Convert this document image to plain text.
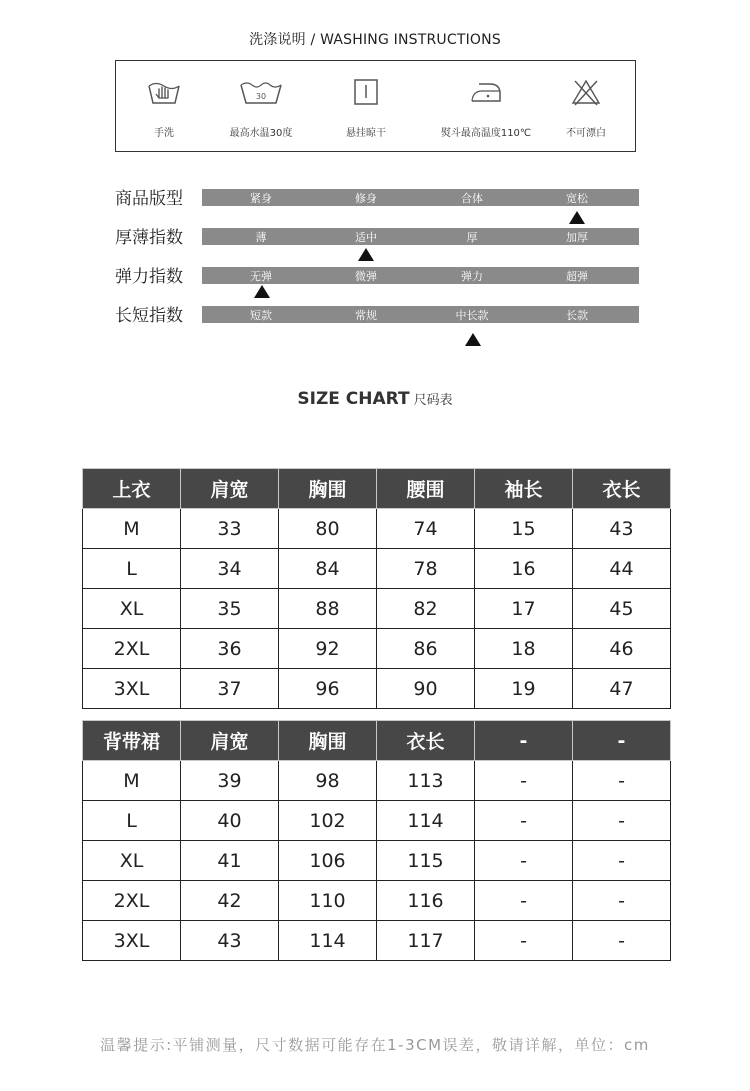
洗涤说明 / WASHING INSTRUCTIONS
手洗
30
最高水温30度	悬挂晾干	熨斗最高温度110℃	不可漂白
商品版型	紧身	修身	合体	宽松
厚薄指数	薄	适中	厚	加厚
弹力指数	无弹	微弹	弹力	超弹
长短指数	短款	常规	中长款	长款
SIZE CHART 尺码表
上衣	肩宽	胸围	腰围	袖长	衣长
M	33	80	74	15	43
L	34	84	78	16	44
XL	35	88	82	17	45
2XL	36	92	86	18	46
3XL	37	96	90	19	47
背带裙	肩宽	胸围	衣长	-	-
M	39	98	113	-	-
L	40	102	114	-	-
XL	41	106	115	-	-
2XL	42	110	116	-	-
3XL	43	114	117	-	-
温馨提示:平铺测量，尺寸数据可能存在1-3CM误差，敬请详解，单位：cm
